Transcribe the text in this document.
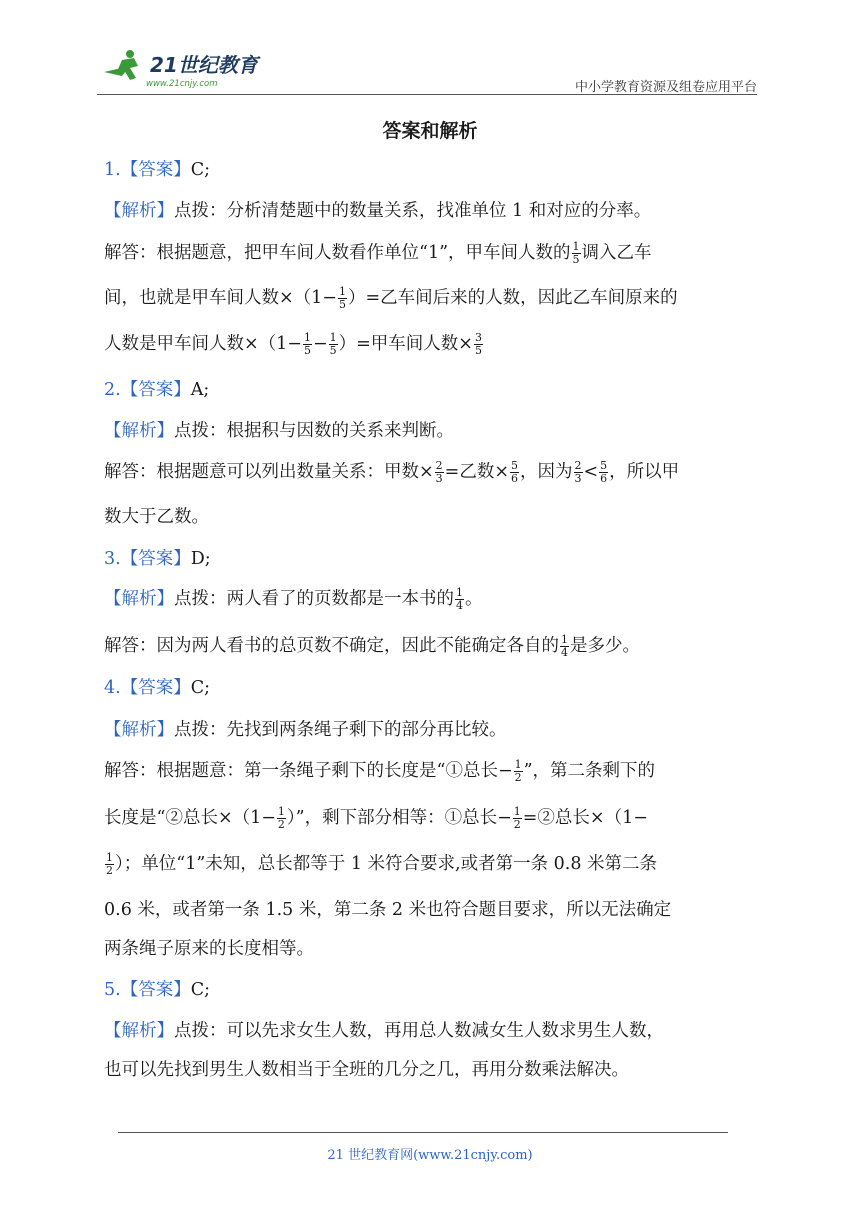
21世纪教育
www.21cnjy.com	中小学教育资源及组卷应用平台
答案和解析
1.【答案】C;
【解析】点拨：分析清楚题中的数量关系，找准单位 1 和对应的分率。
解答：根据题意，把甲车间人数看作单位“1”，甲车间人数的 $\frac{1}{5}$ 调入乙车
间，也就是甲车间人数$\times(1- \frac{1}{5}$ ）=乙车间后来的人数，因此乙车间原来的
人数是甲车间人数$\times(1- \frac{1}{5} - \frac{1}{5}$ ）=甲车间人数× $\frac{3}{5}$
2.【答案】A;
【解析】点拨：根据积与因数的关系来判断。
解答：根据题意可以列出数量关系：甲数× $\frac{2}{3}$ =乙数× $\frac{5}{6}$ ，因为 $\frac{2}{3} < \frac{5}{6}$ ，所以甲
数大于乙数。
3.【答案】D;
【解析】点拨：两人看了的页数都是一本书的 $\frac{1}{4}$ 。
解答：因为两人看书的总页数不确定，因此不能确定各自的 $\frac{1}{4}$ 是多少。
4.【答案】C;
【解析】点拨：先找到两条绳子剩下的部分再比较。
解答：根据题意：第一条绳子剩下的长度是“①总长− $\frac{1}{2}$ ”，第二条剩下的
长度是“②总长$\times(1- \frac{1}{2}$ ）”，剩下部分相等：①总长− $\frac{1}{2}$ =②总长×（1−
$\frac{1}{2}$ ）；单位“1”未知，总长都等于 1 米符合要求,或者第一条 0.8 米第二条
0.6 米，或者第一条 1.5 米，第二条 2 米也符合题目要求，所以无法确定
两条绳子原来的长度相等。
5.【答案】C;
【解析】点拨：可以先求女生人数，再用总人数减女生人数求男生人数，
也可以先找到男生人数相当于全班的几分之几，再用分数乘法解决。
21 世纪教育网(www.21cnjy.com)
